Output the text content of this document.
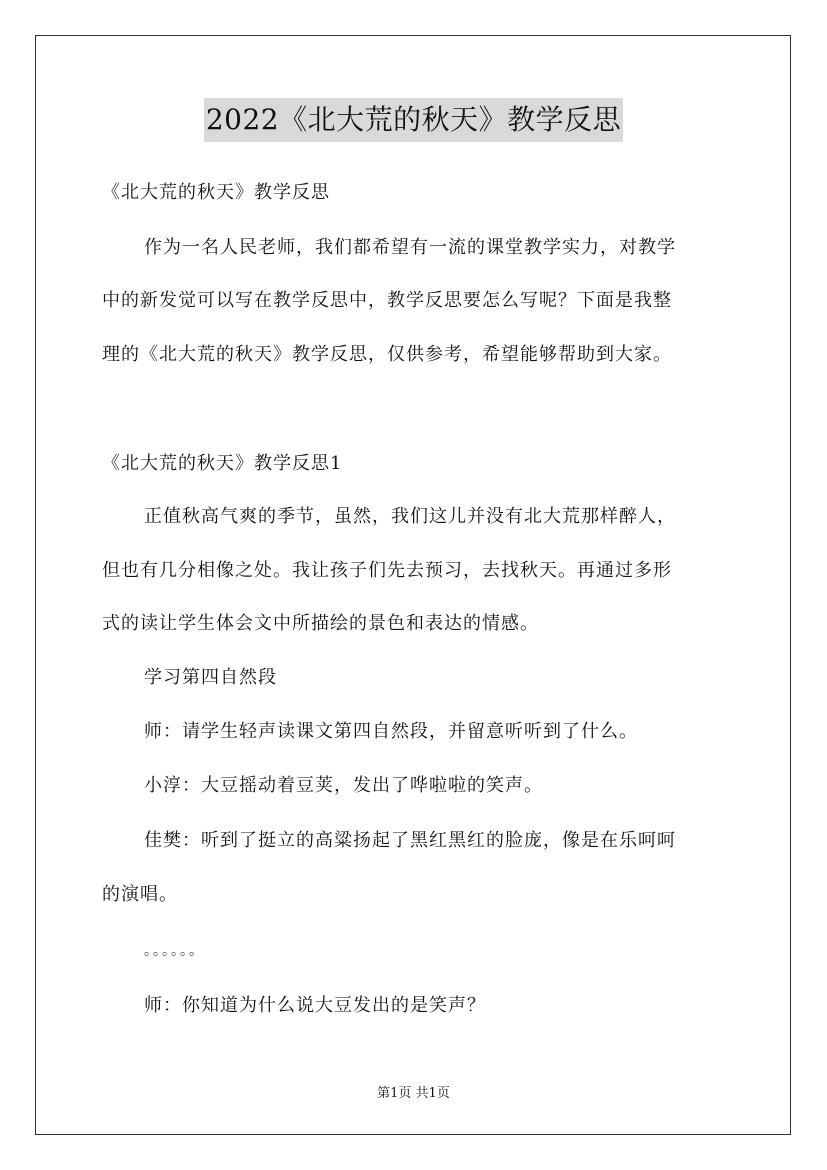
2022《北大荒的秋天》教学反思
《北大荒的秋天》教学反思
作为一名人民老师，我们都希望有一流的课堂教学实力，对教学
中的新发觉可以写在教学反思中，教学反思要怎么写呢？下面是我整
理的《北大荒的秋天》教学反思，仅供参考，希望能够帮助到大家。
《北大荒的秋天》教学反思1
正值秋高气爽的季节，虽然，我们这儿并没有北大荒那样醉人，
但也有几分相像之处。我让孩子们先去预习，去找秋天。再通过多形
式的读让学生体会文中所描绘的景色和表达的情感。
学习第四自然段
师：请学生轻声读课文第四自然段，并留意听听到了什么。
小淳：大豆摇动着豆荚，发出了哗啦啦的笑声。
佳樊：听到了挺立的高粱扬起了黑红黑红的脸庞，像是在乐呵呵
的演唱。
。。。。。。
师：你知道为什么说大豆发出的是笑声？
第1页 共1页
